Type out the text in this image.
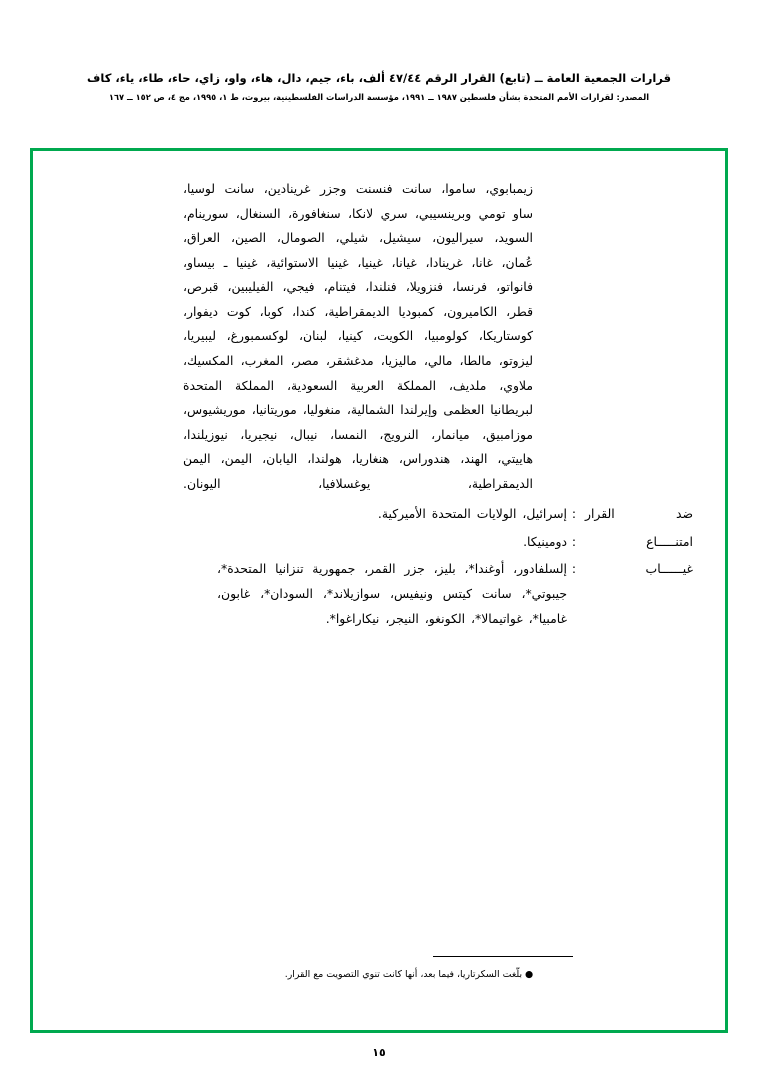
قرارات الجمعية العامة ــ (تابع) القرار الرقم ٤٧/٤٤ ألف، باء، جيم، دال، هاء، واو، زاي، حاء، طاء، ياء، كاف
المصدر: لقرارات الأمم المتحدة بشأن فلسطين ١٩٨٧ ــ ١٩٩١، مؤسسة الدراسات الفلسطينية، بيروت، ط ١، ١٩٩٥، مج ٤، ص ١٥٢ ــ ١٦٧
زيمبابوي، ساموا، سانت فنسنت وجزر غرينادين، سانت لوسيا، ساو تومي وبرينسيبي، سري لانكا، سنغافورة، السنغال، سورينام، السويد، سيراليون، سيشيل، شيلي، الصومال، الصين، العراق، عُمان، غانا، غرينادا، غيانا، غينيا، غينيا الاستوائية، غينيا ـ بيساو، فانواتو، فرنسا، فنزويلا، فنلندا، فيتنام، فيجي، الفيليبين، قبرص، قطر، الكاميرون، كمبوديا الديمقراطية، كندا، كوبا، كوت ديفوار، كوستاريكا، كولومبيا، الكويت، كينيا، لبنان، لوكسمبورغ، ليبيريا، ليزوتو، مالطا، مالي، ماليزيا، مدغشقر، مصر، المغرب، المكسيك، ملاوي، ملديف، المملكة العربية السعودية، المملكة المتحدة لبريطانيا العظمى وإيرلندا الشمالية، منغوليا، موريتانيا، موريشيوس، موزامبيق، ميانمار، النرويج، النمسا، نيبال، نيجيريا، نيوزيلندا، هاييتي، الهند، هندوراس، هنغاريا، هولندا، اليابان، اليمن، اليمن الديمقراطية، يوغسلافيا، اليونان.
ضد القرار
:
إسرائيل، الولايات المتحدة الأميركية.
امتنـــــاع
:
دومينيكا.
غيــــــاب
:
إلسلفادور، أوغندا*، بليز، جزر القمر، جمهورية تنزانيا المتحدة*، جيبوتي*، سانت كيتس ونيفيس، سوازيلاند*، السودان*، غابون، غامبيا*، غواتيمالا*، الكونغو، النيجر، نيكاراغوا*.
● بلّغت السكرتاريا، فيما بعد، أنها كانت تنوي التصويت مع القرار.
١٥
